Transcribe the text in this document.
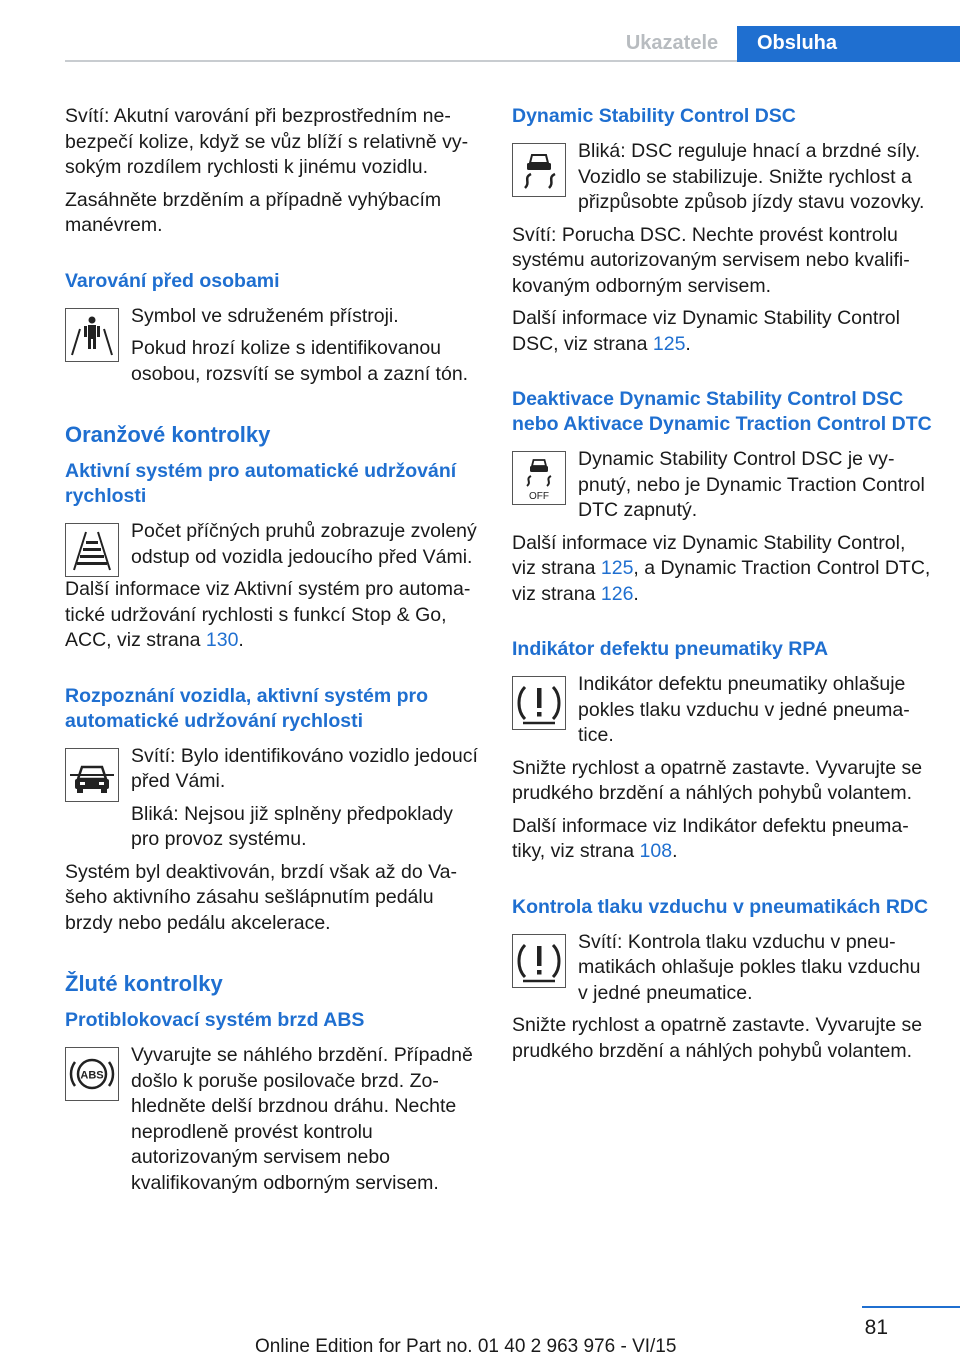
Ukazatele	Obsluha

Svítí: Akutní varování při bezprostředním nebezpečí kolize, když se vůz blíží s relativně vysokým rozdílem rychlosti k jinému vozidlu.

Zasáhněte brzděním a případně vyhýbacím manévrem.

Varování před osobami

Symbol ve sdruženém přístroji.

Pokud hrozí kolize s identifikovanou osobou, rozsvítí se symbol a zazní tón.

Oranžové kontrolky
Aktivní systém pro automatické udržování rychlosti

Počet příčných pruhů zobrazuje zvolený odstup od vozidla jedoucího před Vámi.

Další informace viz Aktivní systém pro automatické udržování rychlosti s funkcí Stop & Go, ACC, viz strana 130.

Rozpoznání vozidla, aktivní systém pro automatické udržování rychlosti

Svítí: Bylo identifikováno vozidlo jedoucí před Vámi.

Bliká: Nejsou již splněny předpoklady pro provoz systému.

Systém byl deaktivován, brzdí však až do Vašeho aktivního zásahu sešlápnutím pedálu brzdy nebo pedálu akcelerace.

Žluté kontrolky
Protiblokovací systém brzd ABS
ABS

Vyvarujte se náhlého brzdění. Případně došlo k poruše posilovače brzd. Zohledněte delší brzdnou dráhu. Nechte neprodleně provést kontrolu autorizovaným servisem nebo kvalifikovaným odborným servisem.

Dynamic Stability Control DSC

Bliká: DSC reguluje hnací a brzdné síly. Vozidlo se stabilizuje. Snižte rychlost a přizpůsobte způsob jízdy stavu vozovky.

Svítí: Porucha DSC. Nechte provést kontrolu systému autorizovaným servisem nebo kvalifikovaným odborným servisem.

Další informace viz Dynamic Stability Control DSC, viz strana 125.

Deaktivace Dynamic Stability Control DSC nebo Aktivace Dynamic Traction Control DTC
OFF

Dynamic Stability Control DSC je vypnutý, nebo je Dynamic Traction Control DTC zapnutý.

Další informace viz Dynamic Stability Control, viz strana 125, a Dynamic Traction Control DTC, viz strana 126.

Indikátor defektu pneumatiky RPA

Indikátor defektu pneumatiky ohlašuje pokles tlaku vzduchu v jedné pneumatice.

Snižte rychlost a opatrně zastavte. Vyvarujte se prudkého brzdění a náhlých pohybů volantem.

Další informace viz Indikátor defektu pneumatiky, viz strana 108.

Kontrola tlaku vzduchu v pneumatikách RDC

Svítí: Kontrola tlaku vzduchu v pneumatikách ohlašuje pokles tlaku vzduchu v jedné pneumatice.

Snižte rychlost a opatrně zastavte. Vyvarujte se prudkého brzdění a náhlých pohybů volantem.

81
Online Edition for Part no. 01 40 2 963 976 - VI/15
